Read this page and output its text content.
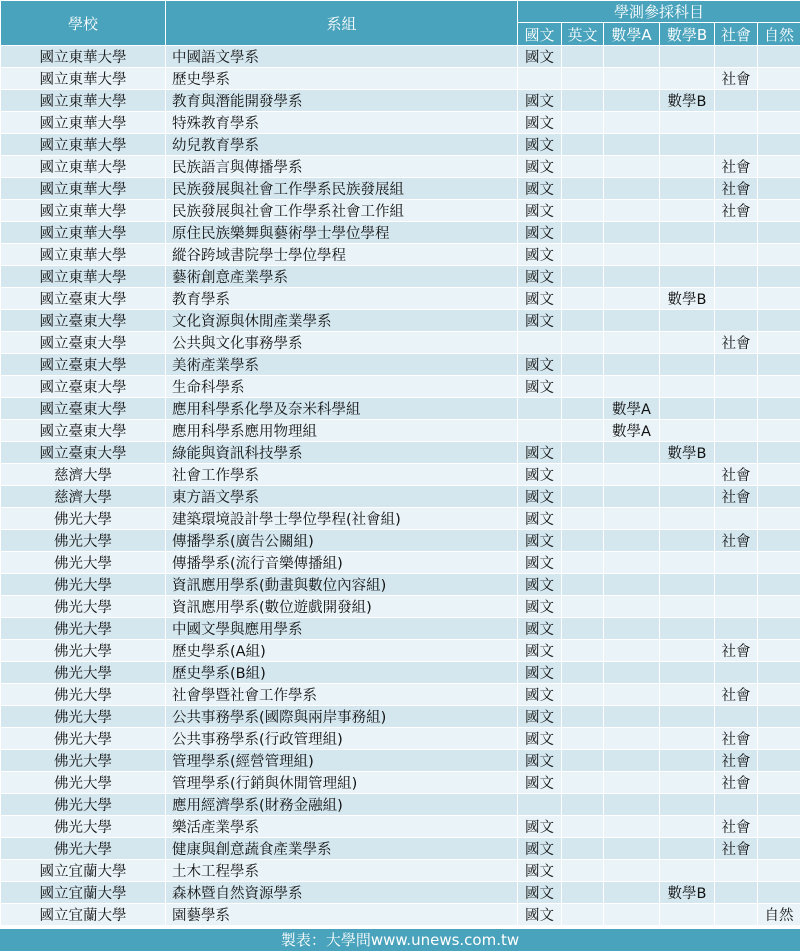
學校	系組	學測參採科目					
		國文	英文	數學A	數學B	社會	自然
國立東華大學	中國語文學系	國文					
國立東華大學	歷史學系					社會	
國立東華大學	教育與潛能開發學系	國文			數學B		
國立東華大學	特殊教育學系	國文					
國立東華大學	幼兒教育學系	國文					
國立東華大學	民族語言與傳播學系	國文				社會	
國立東華大學	民族發展與社會工作學系民族發展組	國文				社會	
國立東華大學	民族發展與社會工作學系社會工作組	國文				社會	
國立東華大學	原住民族樂舞與藝術學士學位學程	國文					
國立東華大學	縱谷跨域書院學士學位學程	國文					
國立東華大學	藝術創意產業學系	國文					
國立臺東大學	教育學系	國文			數學B		
國立臺東大學	文化資源與休閒產業學系	國文					
國立臺東大學	公共與文化事務學系					社會	
國立臺東大學	美術產業學系	國文					
國立臺東大學	生命科學系	國文					
國立臺東大學	應用科學系化學及奈米科學組			數學A			
國立臺東大學	應用科學系應用物理組			數學A			
國立臺東大學	綠能與資訊科技學系	國文			數學B		
慈濟大學	社會工作學系	國文				社會	
慈濟大學	東方語文學系	國文				社會	
佛光大學	建築環境設計學士學位學程(社會組)	國文					
佛光大學	傳播學系(廣告公關組)	國文				社會	
佛光大學	傳播學系(流行音樂傳播組)	國文					
佛光大學	資訊應用學系(動畫與數位內容組)	國文					
佛光大學	資訊應用學系(數位遊戲開發組)	國文					
佛光大學	中國文學與應用學系	國文					
佛光大學	歷史學系(A組)	國文				社會	
佛光大學	歷史學系(B組)	國文					
佛光大學	社會學暨社會工作學系	國文				社會	
佛光大學	公共事務學系(國際與兩岸事務組)	國文					
佛光大學	公共事務學系(行政管理組)	國文				社會	
佛光大學	管理學系(經營管理組)	國文				社會	
佛光大學	管理學系(行銷與休閒管理組)	國文				社會	
佛光大學	應用經濟學系(財務金融組)						
佛光大學	樂活產業學系	國文				社會	
佛光大學	健康與創意蔬食產業學系	國文				社會	
國立宜蘭大學	土木工程學系	國文					
國立宜蘭大學	森林暨自然資源學系	國文			數學B		
國立宜蘭大學	園藝學系	國文					自然
製表：大學問www.unews.com.tw
